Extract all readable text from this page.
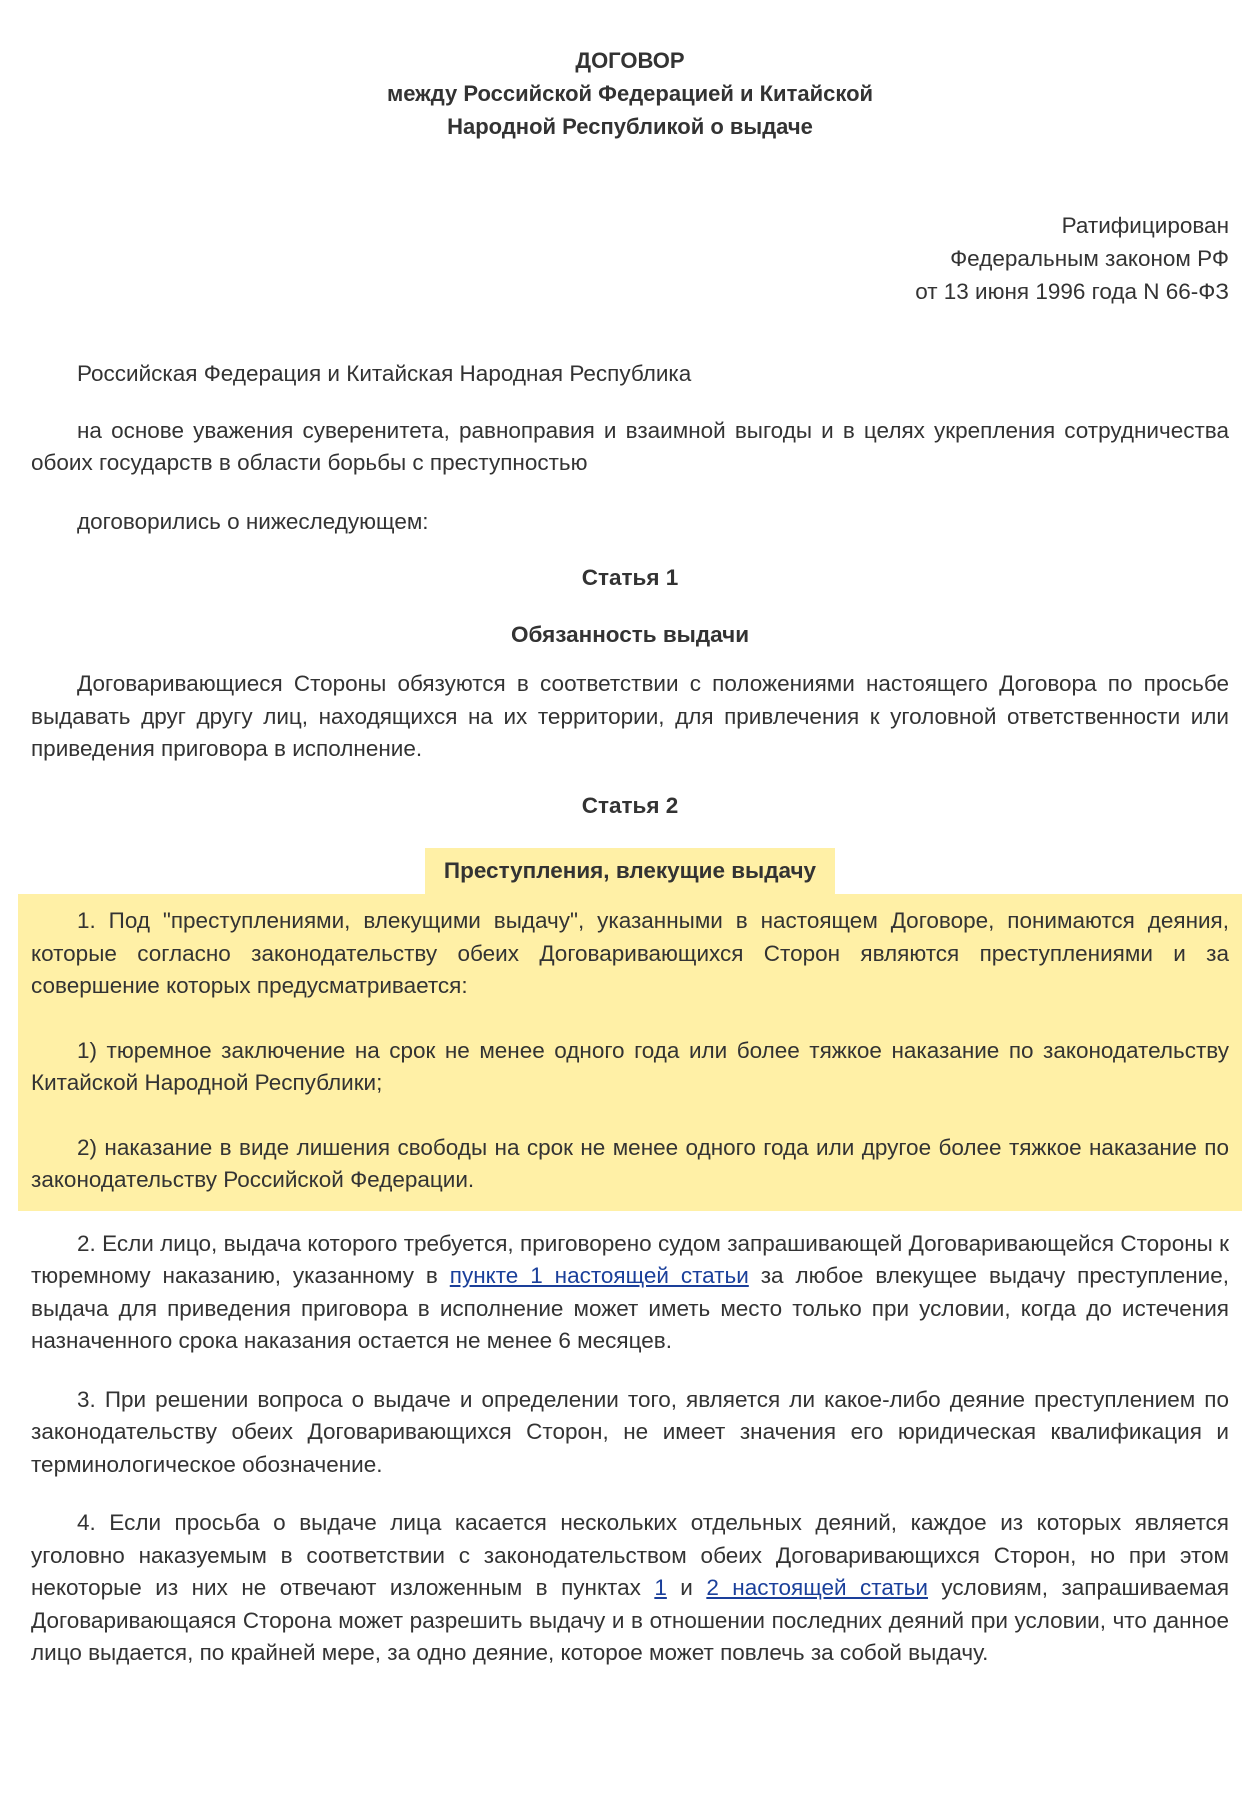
ДОГОВОР
между Российской Федерацией и Китайской
Народной Республикой о выдаче
Ратифицирован
Федеральным законом РФ
от 13 июня 1996 года N 66-ФЗ

Российская Федерация и Китайская Народная Республика

на основе уважения суверенитета, равноправия и взаимной выгоды и в целях укрепления сотрудничества обоих государств в области борьбы с преступностью

договорились о нижеследующем:

Статья 1

Обязанность выдачи

Договаривающиеся Стороны обязуются в соответствии с положениями настоящего Договора по просьбе выдавать друг другу лиц, находящихся на их территории, для привлечения к уголовной ответственности или приведения приговора в исполнение.

Статья 2

Преступления, влекущие выдачу

1. Под "преступлениями, влекущими выдачу", указанными в настоящем Договоре, понимаются деяния, которые согласно законодательству обеих Договаривающихся Сторон являются преступлениями и за совершение которых предусматривается:

1) тюремное заключение на срок не менее одного года или более тяжкое наказание по законодательству Китайской Народной Республики;

2) наказание в виде лишения свободы на срок не менее одного года или другое более тяжкое наказание по законодательству Российской Федерации.

2. Если лицо, выдача которого требуется, приговорено судом запрашивающей Договаривающейся Стороны к тюремному наказанию, указанному в пункте 1 настоящей статьи за любое влекущее выдачу преступление, выдача для приведения приговора в исполнение может иметь место только при условии, когда до истечения назначенного срока наказания остается не менее 6 месяцев.

3. При решении вопроса о выдаче и определении того, является ли какое-либо деяние преступлением по законодательству обеих Договаривающихся Сторон, не имеет значения его юридическая квалификация и терминологическое обозначение.

4. Если просьба о выдаче лица касается нескольких отдельных деяний, каждое из которых является уголовно наказуемым в соответствии с законодательством обеих Договаривающихся Сторон, но при этом некоторые из них не отвечают изложенным в пунктах 1 и 2 настоящей статьи условиям, запрашиваемая Договаривающаяся Сторона может разрешить выдачу и в отношении последних деяний при условии, что данное лицо выдается, по крайней мере, за одно деяние, которое может повлечь за собой выдачу.
